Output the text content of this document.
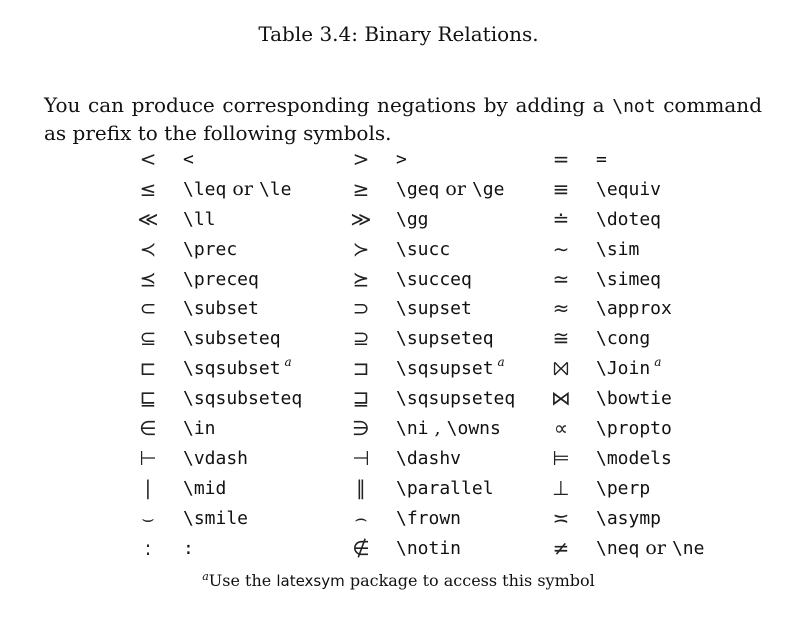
Table 3.4: Binary Relations.

You can produce corresponding negations by adding a \not command as prefix to the following symbols.

<	<	>	>	=	=
≤	\leq or \le	≥	\geq or \ge	≡	\equiv
≪	\ll	≫	\gg	≐	\doteq
≺	\prec	≻	\succ	∼	\sim
⪯	\preceq	⪰	\succeq	≃	\simeq
⊂	\subset	⊃	\supset	≈	\approx
⊆	\subseteq	⊇	\supseteq	≅	\cong
⊏	\sqsubset $^a$	⊐	\sqsupset $^a$	⨝	\Join $^a$
⊑	\sqsubseteq	⊒	\sqsupseteq	⋈	\bowtie
∈	\in	∋	\ni , \owns	∝	\propto
⊢	\vdash	⊣	\dashv	⊨	\models
∣	\mid	∥	\parallel	⊥	\perp
⌣	\smile	⌢	\frown	≍	\asymp
:	:	∉	\notin	≠	\neq or \ne
$^a$Use the latexsym package to access this symbol
